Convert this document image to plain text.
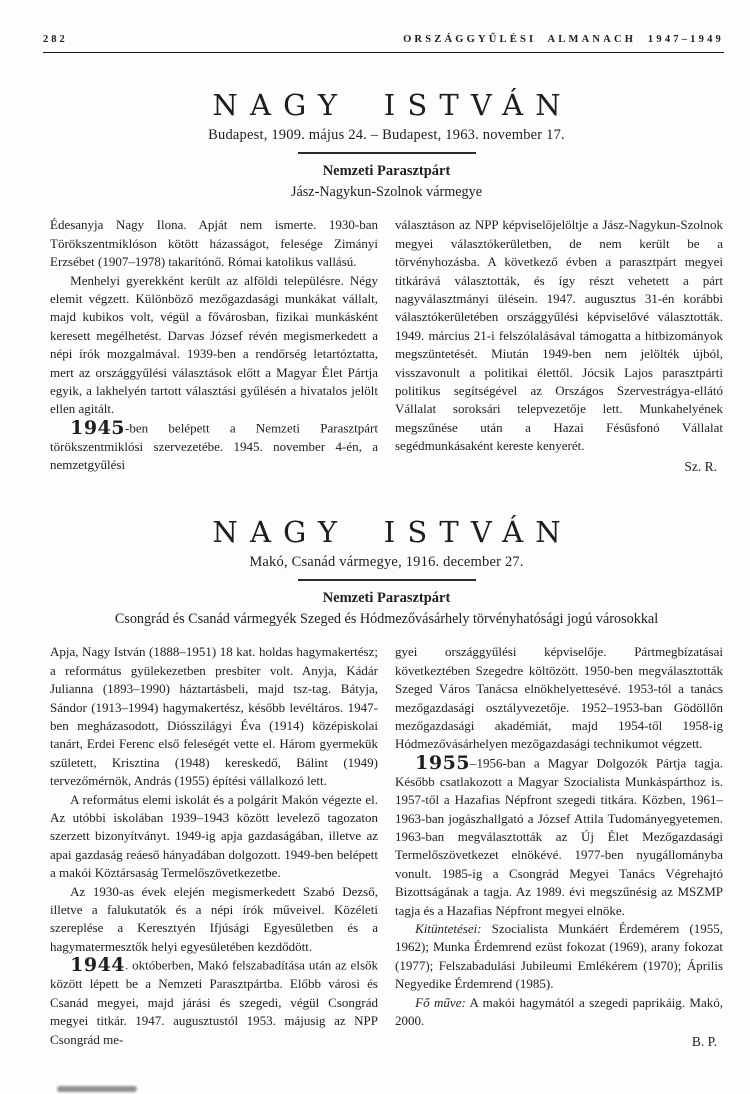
282	ORSZÁGGYŰLÉSI ALMANACH 1947–1949
NAGY ISTVÁN
Budapest, 1909. május 24. – Budapest, 1963. november 17.
Nemzeti Parasztpárt
Jász-Nagykun-Szolnok vármegye

Édesanyja Nagy Ilona. Apját nem ismerte. 1930-ban Törökszentmiklóson kötött házasságot, felesége Zimányi Erzsébet (1907–1978) takarítónő. Római katolikus vallású.

Menhelyi gyerekként került az alföldi településre. Négy elemit végzett. Különböző mezőgazdasági munkákat vállalt, majd kubikos volt, végül a fővárosban, fizikai munkásként keresett megélhetést. Darvas József révén megismerkedett a népi írók mozgalmával. 1939-ben a rendőrség letartóztatta, mert az országgyűlési választások előtt a Magyar Élet Pártja egyik, a lakhelyén tartott választási gyűlésén a hivatalos jelölt ellen agitált.

1945-ben belépett a Nemzeti Parasztpárt törökszentmiklósi szervezetébe. 1945. november 4-én, a nemzetgyűlési

választáson az NPP képviselőjelöltje a Jász-Nagykun-Szolnok megyei választókerületben, de nem került be a törvényhozásba. A következő évben a parasztpárt megyei titkárává választották, és így részt vehetett a párt nagyválasztmányi ülésein. 1947. augusztus 31-én korábbi választókerületében országgyűlési képviselővé választották. 1949. március 21-i felszólalásával támogatta a hitbizományok megszüntetését. Miután 1949-ben nem jelölték újból, visszavonult a politikai élettől. Jócsik Lajos parasztpárti politikus segítségével az Országos Szervestrágya-ellátó Vállalat soroksári telepvezetője lett. Munkahelyének megszűnése után a Hazai Fésűsfonó Vállalat segédmunkásaként kereste kenyerét.

Sz. R.
NAGY ISTVÁN
Makó, Csanád vármegye, 1916. december 27.
Nemzeti Parasztpárt
Csongrád és Csanád vármegyék Szeged és Hódmezővásárhely törvényhatósági jogú városokkal

Apja, Nagy István (1888–1951) 18 kat. holdas hagymakertész; a református gyülekezetben presbiter volt. Anyja, Kádár Julianna (1893–1990) háztartásbeli, majd tsz-tag. Bátyja, Sándor (1913–1994) hagymakertész, később levéltáros. 1947-ben megházasodott, Diósszilágyi Éva (1914) középiskolai tanárt, Erdei Ferenc első feleségét vette el. Három gyermekük született, Krisztina (1948) kereskedő, Bálint (1949) tervezőmérnök, András (1955) építési vállalkozó lett.

A református elemi iskolát és a polgárit Makón végezte el. Az utóbbi iskolában 1939–1943 között levelező tagozaton szerzett bizonyítványt. 1949-ig apja gazdaságában, illetve az apai gazdaság reáeső hányadában dolgozott. 1949-ben belépett a makói Köztársaság Termelőszövetkezetbe.

Az 1930-as évek elején megismerkedett Szabó Dezső, illetve a falukutatók és a népi írók műveivel. Közéleti szereplése a Keresztyén Ifjúsági Egyesületben és a hagymatermesztők helyi egyesületében kezdődött.

1944. októberben, Makó felszabadítása után az elsők között lépett be a Nemzeti Parasztpártba. Előbb városi és Csanád megyei, majd járási és szegedi, végül Csongrád megyei titkár. 1947. augusztustól 1953. májusig az NPP Csongrád me-

gyei országgyűlési képviselője. Pártmegbízatásai következtében Szegedre költözött. 1950-ben megválasztották Szeged Város Tanácsa elnökhelyettesévé. 1953-tól a tanács mezőgazdasági osztályvezetője. 1952–1953-ban Gödöllőn mezőgazdasági akadémiát, majd 1954-től 1958-ig Hódmezővásárhelyen mezőgazdasági technikumot végzett.

1955–1956-ban a Magyar Dolgozók Pártja tagja. Később csatlakozott a Magyar Szocialista Munkáspárthoz is. 1957-től a Hazafias Népfront szegedi titkára. Közben, 1961–1963-ban jogászhallgató a József Attila Tudományegyetemen. 1963-ban megválasztották az Új Élet Mezőgazdasági Termelőszövetkezet elnökévé. 1977-ben nyugállományba vonult. 1985-ig a Csongrád Megyei Tanács Végrehajtó Bizottságának a tagja. Az 1989. évi megszűnésig az MSZMP tagja és a Hazafias Népfront megyei elnöke.

Kitüntetései: Szocialista Munkáért Érdemérem (1955, 1962); Munka Érdemrend ezüst fokozat (1969), arany fokozat (1977); Felszabadulási Jubileumi Emlékérem (1970); Április Negyedike Érdemrend (1985).

Fő műve: A makói hagymától a szegedi paprikáig. Makó, 2000.

B. P.
